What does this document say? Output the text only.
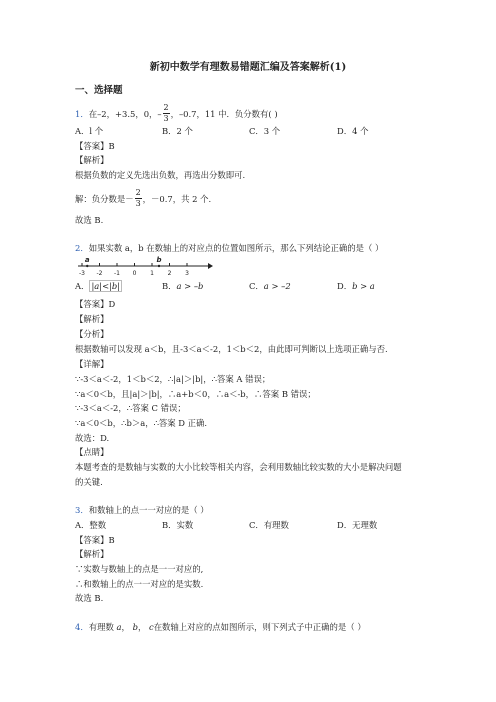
新初中数学有理数易错题汇编及答案解析(1)
一、选择题
1．在–2，+3.5，0，– $\frac{2}{3}$ ，–0.7，11 中．负分数有( )
A．l 个	B．2 个	C．3 个	D．4 个
【答案】B
【解析】
根据负数的定义先选出负数，再选出分数即可.
解：负分数是－ $\frac{2}{3}$ ，－0.7，共 2 个.
故选 B.
2．如果实数 a，b 在数轴上的对应点的位置如图所示，那么下列结论正确的是（ ）
-3 -2 -1 0 1 2 3
a	b
A． |a|<|b|	B．a > –b	C．a > –2	D．b > a
【答案】D
【解析】
【分析】
根据数轴可以发现 a＜b，且-3＜a＜-2，1＜b＜2，由此即可判断以上选项正确与否.
【详解】
∵-3＜a＜-2，1＜b＜2，∴|a|＞|b|，∴答案 A 错误；
∵a＜0＜b，且|a|＞|b|，∴a+b＜0，∴a＜-b，∴答案 B 错误；
∵-3＜a＜-2，∴答案 C 错误；
∵a＜0＜b，∴b＞a，∴答案 D 正确.
故选：D.
【点睛】
本题考查的是数轴与实数的大小比较等相关内容，会利用数轴比较实数的大小是解决问题
的关键.
3．和数轴上的点一一对应的是（ ）
A．整数	B．实数	C．有理数	D．无理数
【答案】B
【解析】
∵实数与数轴上的点是一一对应的,
∴和数轴上的点一一对应的是实数.
故选 B.
4．有理数 a， b， c在数轴上对应的点如图所示，则下列式子中正确的是（ ）
